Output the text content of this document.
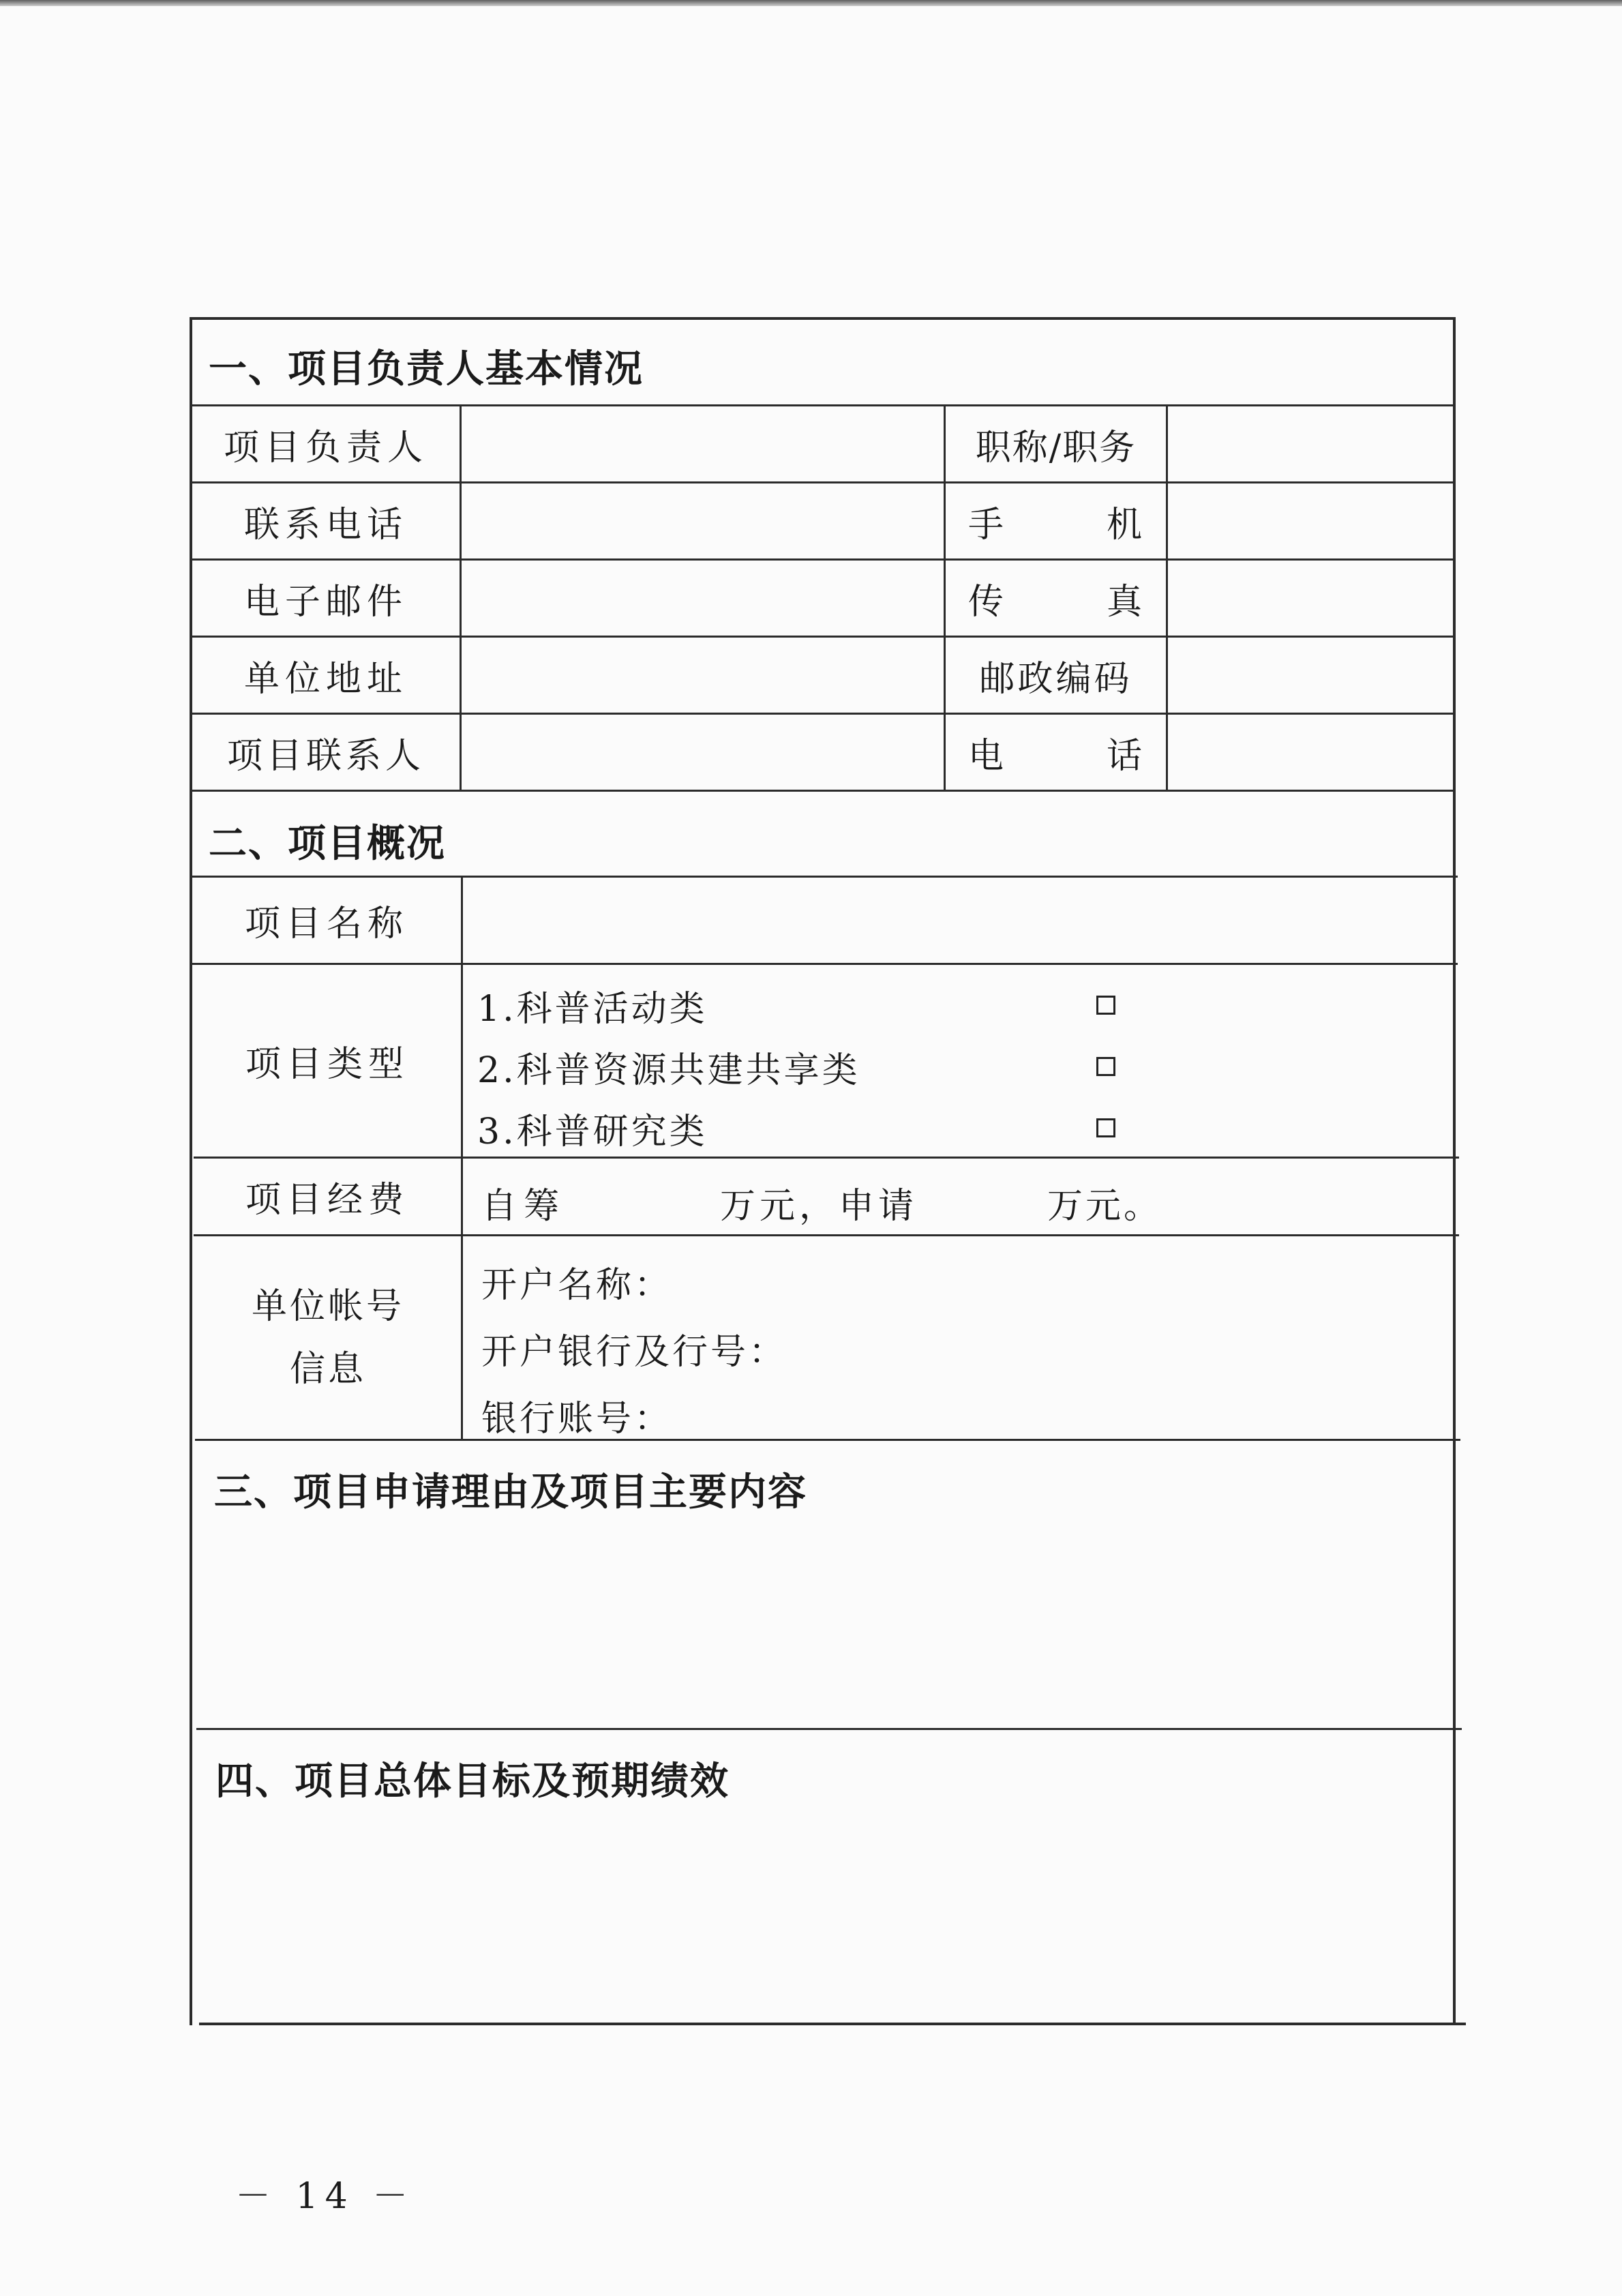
一、项目负责人基本情况
二、项目概况
三、项目申请理由及项目主要内容
四、项目总体目标及预期绩效
项目负责人	职称/职务
联系电话	手	机
电子邮件	传	真
单位地址	邮政编码
项目联系人	电	话
项目名称
项目类型
1.科普活动类
2.科普资源共建共享类
3.科普研究类
项目经费	自筹	万元，申请	万元。
单位帐号
信息
开户名称：
开户银行及行号：
银行账号：
－ 14 －
